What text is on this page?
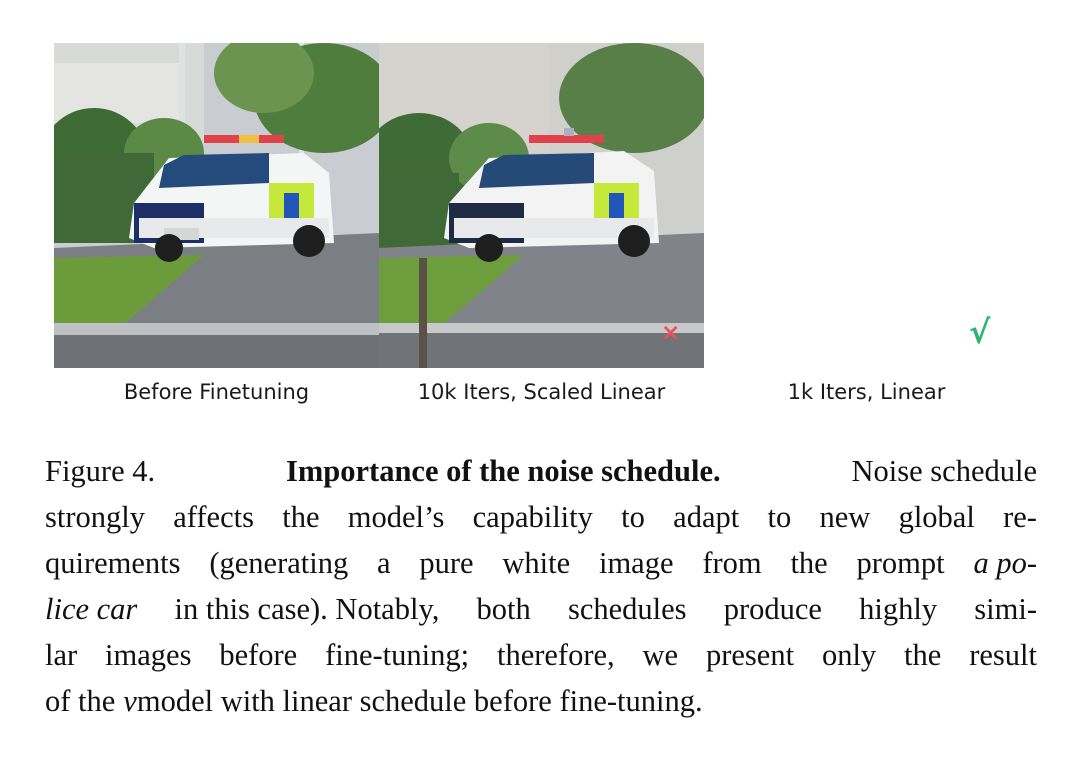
×	√
Before Finetuning	10k Iters, Scaled Linear	1k Iters, Linear
Figure 4.	Importance of the noise schedule.	Noise schedule
strongly affects the model’s capability to adapt to new global re-
quirements (generating a pure white image from the prompt a po-
lice car in this case). Notably, both schedules produce highly simi-
lar images before fine-tuning; therefore, we present only the result
of the v model with linear schedule before fine-tuning.
